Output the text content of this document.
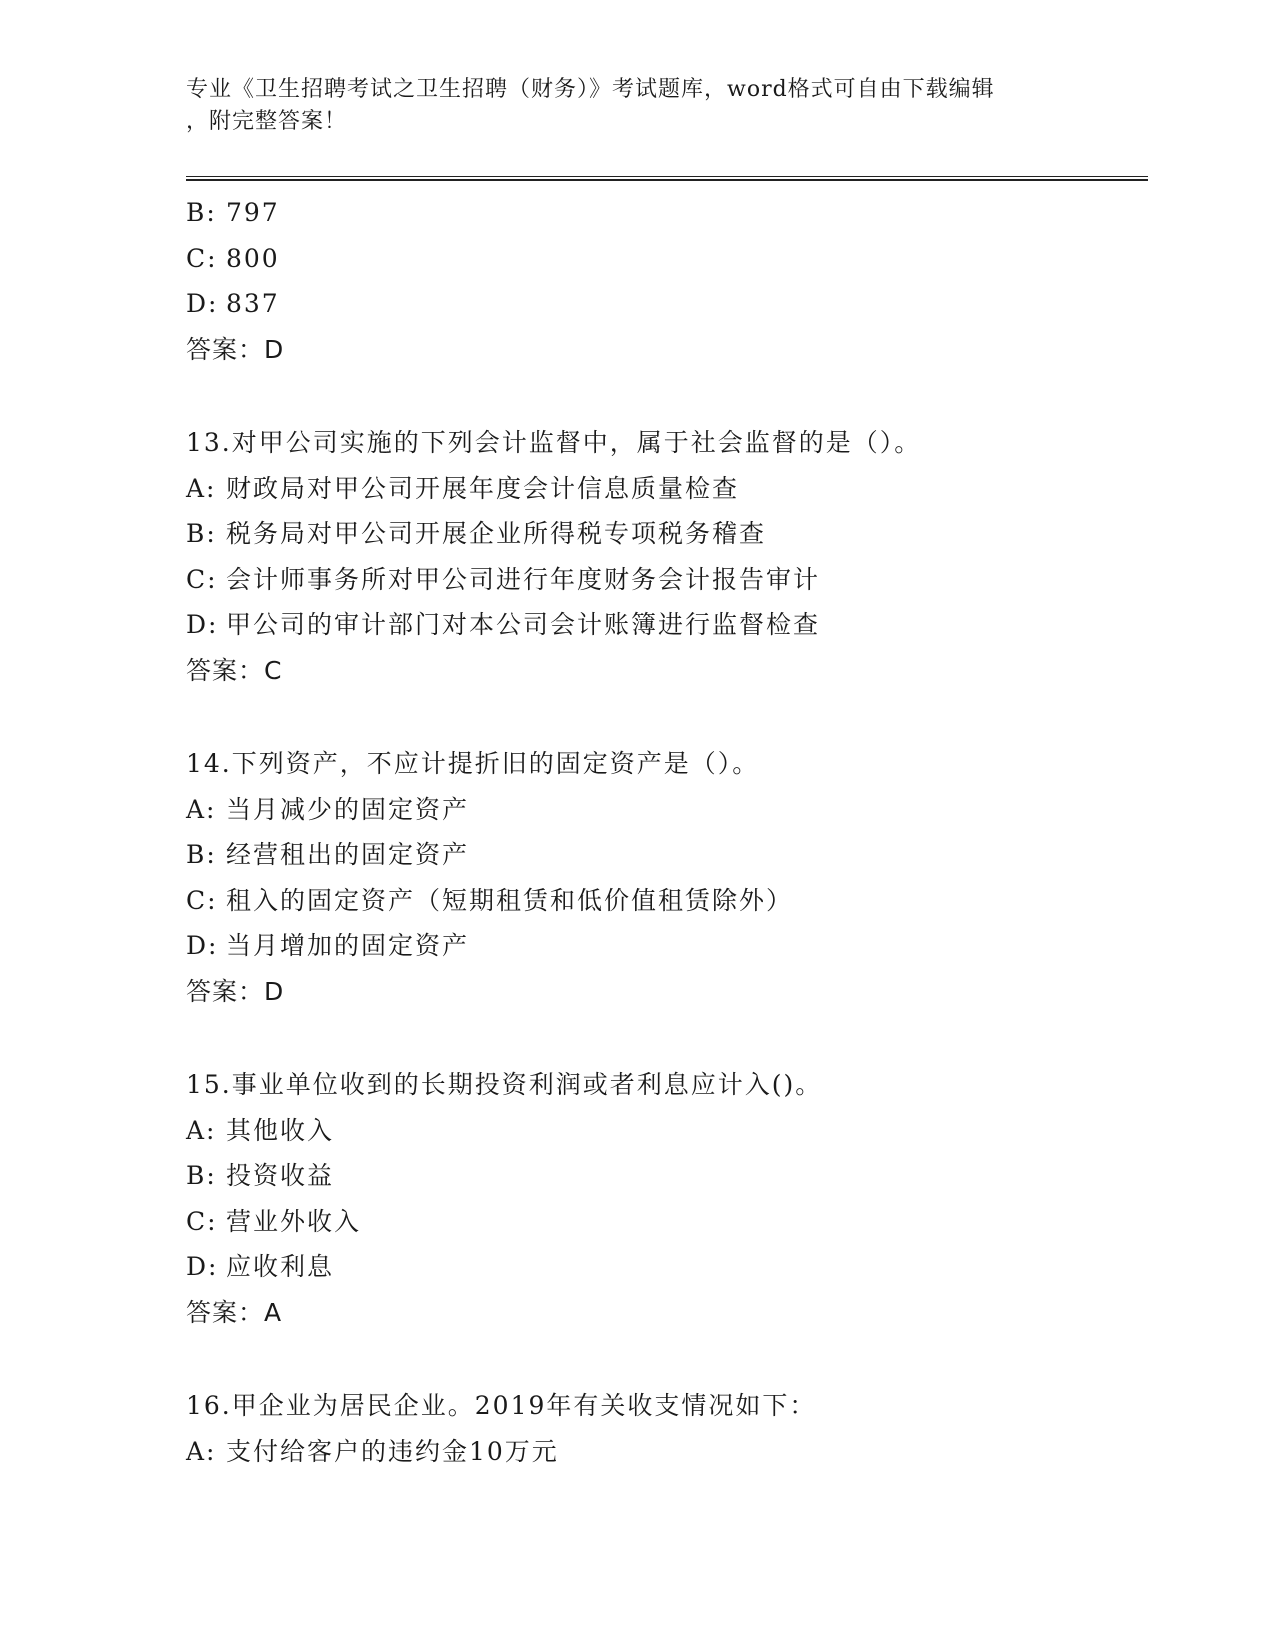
专业《卫生招聘考试之卫生招聘（财务）》考试题库，word格式可自由下载编辑
，附完整答案！
B: 797
C: 800
D: 837
答案：D
13.对甲公司实施的下列会计监督中，属于社会监督的是（）。
A: 财政局对甲公司开展年度会计信息质量检查
B: 税务局对甲公司开展企业所得税专项税务稽查
C: 会计师事务所对甲公司进行年度财务会计报告审计
D: 甲公司的审计部门对本公司会计账簿进行监督检查
答案：C
14.下列资产，不应计提折旧的固定资产是（）。
A: 当月减少的固定资产
B: 经营租出的固定资产
C: 租入的固定资产（短期租赁和低价值租赁除外）
D: 当月增加的固定资产
答案：D
15.事业单位收到的长期投资利润或者利息应计入()。
A: 其他收入
B: 投资收益
C: 营业外收入
D: 应收利息
答案：A
16.甲企业为居民企业。2019年有关收支情况如下：
A: 支付给客户的违约金10万元
